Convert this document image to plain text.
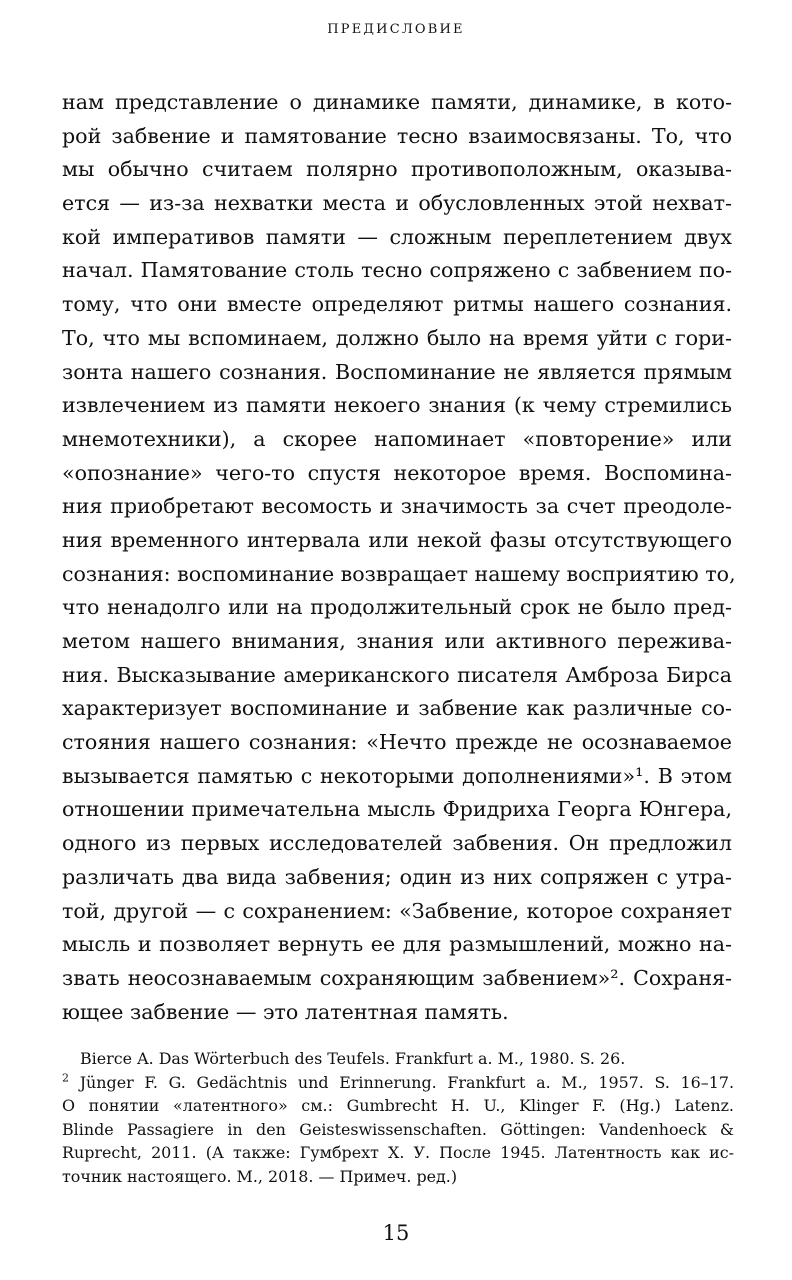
ПРЕДИСЛОВИЕ
нам представление о динамике памяти, динамике, в кото-
рой забвение и памятование тесно взаимосвязаны. То, что
мы обычно считаем полярно противоположным, оказыва-
ется — из-за нехватки места и обусловленных этой нехват-
кой императивов памяти — сложным переплетением двух
начал. Памятование столь тесно сопряжено с забвением по-
тому, что они вместе определяют ритмы нашего сознания.
То, что мы вспоминаем, должно было на время уйти с гори-
зонта нашего сознания. Воспоминание не является прямым
извлечением из памяти некоего знания (к чему стремились
мнемотехники), а скорее напоминает «повторение» или
«опознание» чего-то спустя некоторое время. Воспомина-
ния приобретают весомость и значимость за счет преодоле-
ния временного интервала или некой фазы отсутствующего
сознания: воспоминание возвращает нашему восприятию то,
что ненадолго или на продолжительный срок не было пред-
метом нашего внимания, знания или активного пережива-
ния. Высказывание американского писателя Амброза Бирса
характеризует воспоминание и забвение как различные со-
стояния нашего сознания: «Нечто прежде не осознаваемое
вызывается памятью с некоторыми дополнениями»¹. В этом
отношении примечательна мысль Фридриха Георга Юнгера,
одного из первых исследователей забвения. Он предложил
различать два вида забвения; один из них сопряжен с утра-
той, другой — с сохранением: «Забвение, которое сохраняет
мысль и позволяет вернуть ее для размышлений, можно на-
звать неосознаваемым сохраняющим забвением»². Сохраня-
ющее забвение — это латентная память.
Bierce A. Das Wörterbuch des Teufels. Frankfurt a. M., 1980. S. 26.
$^2$ Jünger F. G. Gedächtnis und Erinnerung. Frankfurt a. M., 1957. S. 16–17.
О понятии «латентного» см.: Gumbrecht H. U., Klinger F. (Hg.) Latenz.
Blinde Passagiere in den Geisteswissenschaften. Göttingen: Vandenhoeck &
Ruprecht, 2011. (А также: Гумбрехт Х. У. После 1945. Латентность как ис-
точник настоящего. М., 2018. — Примеч. ред.)
15
